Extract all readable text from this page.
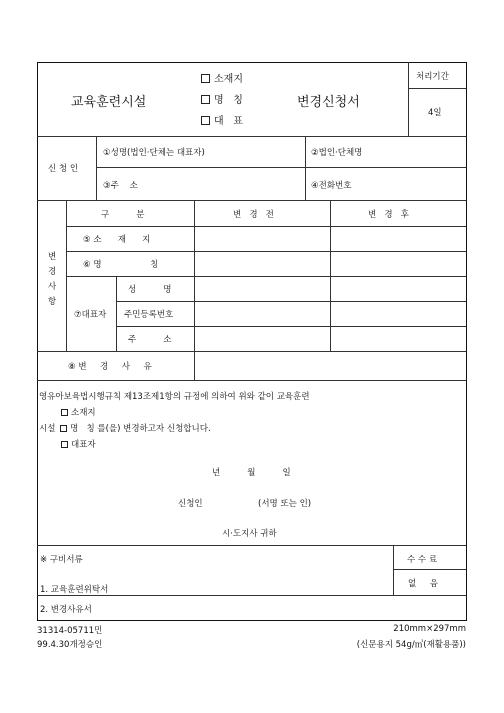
교육훈련시설
소재지
명   칭
대   표
변경신청서
처리기간
4일
신 청 인
①성명(법인·단체는 대표자)	②법인·단체명
③주    소	④전화번호
변
경
사
항
구          분	변   경   전	변   경   후
⑤ 소      재      지
⑥ 명                  칭
⑦대표자
성          명
주민등록번호
주          소
⑧ 변     경     사     유
영유아보육법시행규칙 제13조제1항의 규정에 의하여 위와 같이 교육훈련
소재지
시설 명   칭 를(을) 변경하고자 신청합니다.
대표자
년          월          일
신청인	(서명 또는 인)
시·도지사 귀하
※ 구비서류
1. 교육훈련위탁서
2. 변경사유서
수 수 료
없     음
31314-05711민
99.4.30개정승인
210mm×297mm
(신문용지 54g/㎡(재활용품))
